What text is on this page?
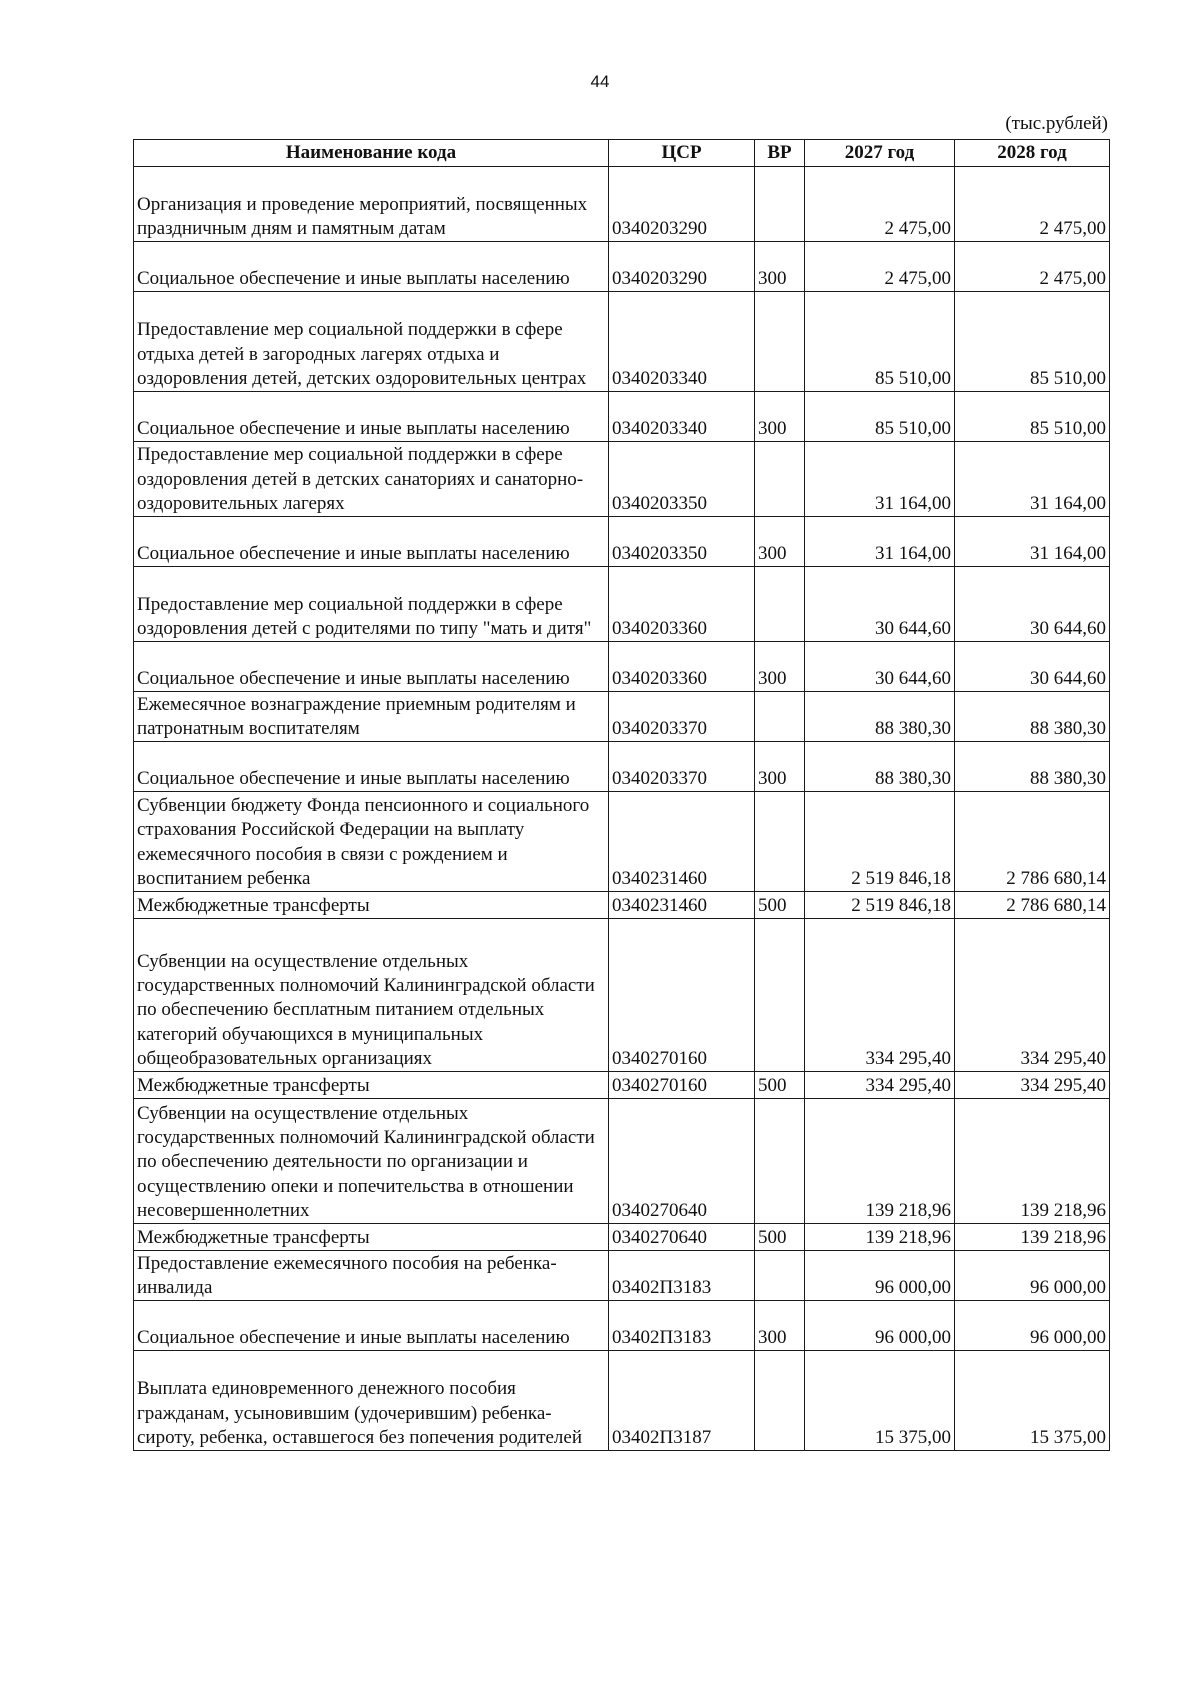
44
(тыс.рублей)
Наименование кода	ЦСР	ВР	2027 год	2028 год
Организация и проведение мероприятий, посвященных праздничным дням и памятным датам	0340203290		2 475,00	2 475,00
Социальное обеспечение и иные выплаты населению	0340203290	300	2 475,00	2 475,00
Предоставление мер социальной поддержки в сфере отдыха детей в загородных лагерях отдыха и оздоровления детей, детских оздоровительных центрах	0340203340		85 510,00	85 510,00
Социальное обеспечение и иные выплаты населению	0340203340	300	85 510,00	85 510,00
Предоставление мер социальной поддержки в сфере оздоровления детей в детских санаториях и санаторно-оздоровительных лагерях	0340203350		31 164,00	31 164,00
Социальное обеспечение и иные выплаты населению	0340203350	300	31 164,00	31 164,00
Предоставление мер социальной поддержки в сфере оздоровления детей с родителями по типу "мать и дитя"	0340203360		30 644,60	30 644,60
Социальное обеспечение и иные выплаты населению	0340203360	300	30 644,60	30 644,60
Ежемесячное вознаграждение приемным родителям и патронатным воспитателям	0340203370		88 380,30	88 380,30
Социальное обеспечение и иные выплаты населению	0340203370	300	88 380,30	88 380,30
Субвенции бюджету Фонда пенсионного и социального страхования Российской Федерации на выплату ежемесячного пособия в связи с рождением и воспитанием ребенка	0340231460		2 519 846,18	2 786 680,14
Межбюджетные трансферты	0340231460	500	2 519 846,18	2 786 680,14
Субвенции на осуществление отдельных государственных полномочий Калининградской области по обеспечению бесплатным питанием отдельных категорий обучающихся в муниципальных общеобразовательных организациях	0340270160		334 295,40	334 295,40
Межбюджетные трансферты	0340270160	500	334 295,40	334 295,40
Субвенции на осуществление отдельных государственных полномочий Калининградской области по обеспечению деятельности по организации и осуществлению опеки и попечительства в отношении несовершеннолетних	0340270640		139 218,96	139 218,96
Межбюджетные трансферты	0340270640	500	139 218,96	139 218,96
Предоставление ежемесячного пособия на ребенка-инвалида	03402П3183		96 000,00	96 000,00
Социальное обеспечение и иные выплаты населению	03402П3183	300	96 000,00	96 000,00
Выплата единовременного денежного пособия гражданам, усыновившим (удочерившим) ребенка-сироту, ребенка, оставшегося без попечения родителей	03402П3187		15 375,00	15 375,00
